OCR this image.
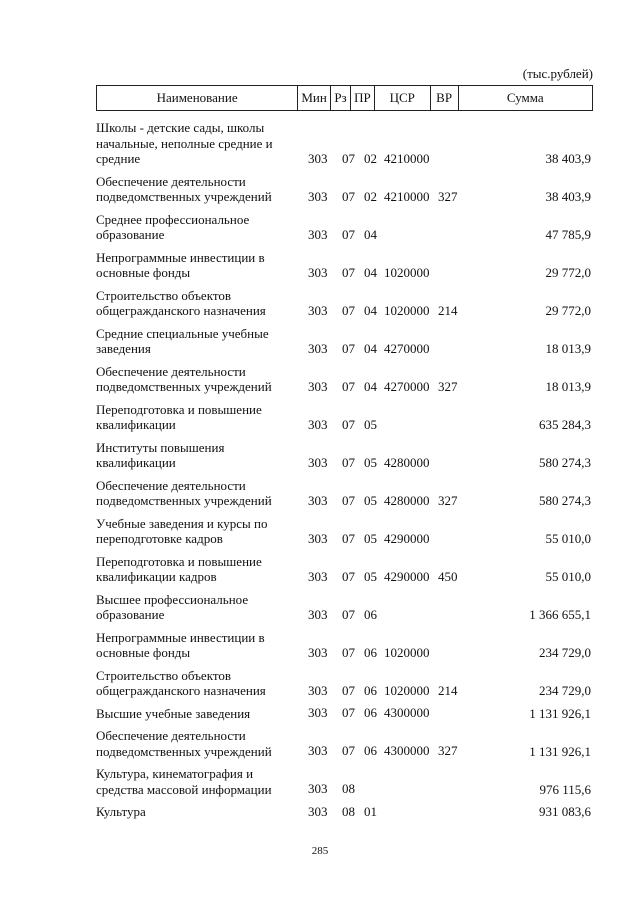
(тыс.рублей)
Наименование	Мин Рз ПР	ЦСР	ВР	Сумма
Школы - детские сады, школы
начальные, неполные средние и
средние	303 07 02 4210000	38 403,9
Обеспечение деятельности
подведомственных учреждений	303 07 02 4210000 327	38 403,9
Среднее профессиональное
образование	303 07 04	47 785,9
Непрограммные инвестиции в
основные фонды	303 07 04 1020000	29 772,0
Строительство объектов
общегражданского назначения	303 07 04 1020000 214	29 772,0
Средние специальные учебные
заведения	303 07 04 4270000	18 013,9
Обеспечение деятельности
подведомственных учреждений	303 07 04 4270000 327	18 013,9
Переподготовка и повышение
квалификации	303 07 05	635 284,3
Институты повышения
квалификации	303 07 05 4280000	580 274,3
Обеспечение деятельности
подведомственных учреждений	303 07 05 4280000 327	580 274,3
Учебные заведения и курсы по
переподготовке кадров	303 07 05 4290000	55 010,0
Переподготовка и повышение
квалификации кадров	303 07 05 4290000 450	55 010,0
Высшее профессиональное
образование	303 07 06	1 366 655,1
Непрограммные инвестиции в
основные фонды	303 07 06 1020000	234 729,0
Строительство объектов
общегражданского назначения	303 07 06 1020000 214	234 729,0
Высшие учебные заведения	303 07 06 4300000	1 131 926,1
Обеспечение деятельности
подведомственных учреждений	303 07 06 4300000 327	1 131 926,1
Культура, кинематография и
средства массовой информации	303 08	976 115,6
Культура	303 08 01	931 083,6
285
